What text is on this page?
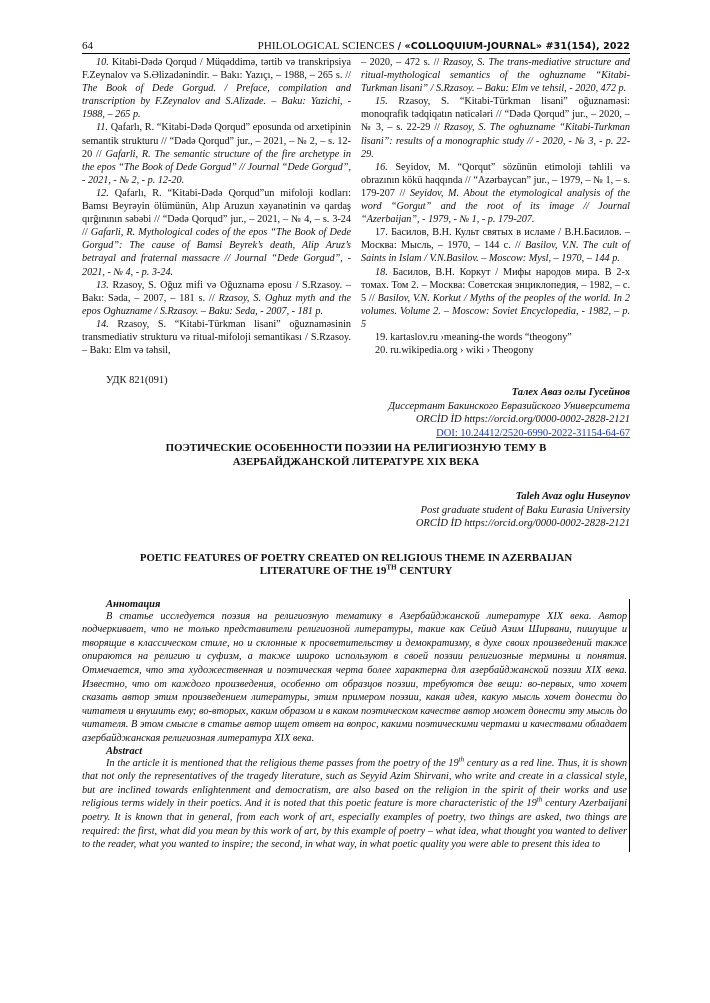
64	PHILOLOGICAL SCIENCES / «COLLOQUIUM-JOURNAL» #31(154), 2022

10. Kitabi-Dədə Qorqud / Müqəddimə, tərtib və transkripsiya F.Zeynalov və S.Əlizadənindir. – Bakı: Yazıçı, – 1988, – 265 s. // The Book of Dede Gorgud. / Preface, compilation and transcription by F.Zeynalov and S.Alizade. – Baku: Yazichi, - 1988, – 265 p.

11. Qafarlı, R. “Kitabi-Dədə Qorqud” eposunda od arxetipinin semantik strukturu // “Dədə Qorqud” jur., – 2021, – № 2, – s. 12-20 // Gafarli, R. The semantic structure of the fire archetype in the epos “The Book of Dede Gorgud” // Journal “Dede Gorgud”, - 2021, - № 2, - p. 12-20.

12. Qafarlı, R. “Kitabi-Dədə Qorqud”un mifoloji kodları: Bamsı Beyrəyin ölümünün, Alıp Aruzun xəyanətinin və qardaş qırğınının səbəbi // “Dədə Qorqud” jur., – 2021, – № 4, – s. 3-24 // Gafarli, R. Mythological codes of the epos “The Book of Dede Gorgud”: The cause of Bamsi Beyrek’s death, Alip Aruz’s betrayal and fraternal massacre // Journal “Dede Gorgud”, - 2021, - № 4, - p. 3-24.

13. Rzasoy, S. Oğuz mifi və Oğuznamə eposu / S.Rzasoy. – Bakı: Səda, – 2007, – 181 s. // Rzasoy, S. Oghuz myth and the epos Oghuzname / S.Rzasoy. – Baku: Seda, - 2007, - 181 p.

14. Rzasoy, S. “Kitabi-Türkman lisani” oğuznaməsinin transmediativ strukturu və ritual-mifoloji semantikası / S.Rzasoy. – Bakı: Elm və təhsil,

– 2020, – 472 s. // Rzasoy, S. The trans-mediative structure and ritual-mythological semantics of the oghuzname “Kitabi-Turkman lisani” / S.Rzasoy. – Baku: Elm ve tehsil, - 2020, 472 p.

15. Rzasoy, S. “Kitabi-Türkman lisani” oğuznaməsi: monoqrafik tədqiqatın nəticələri // “Dədə Qorqud” jur., – 2020, – № 3, – s. 22-29 // Rzasoy, S. The oghuzname “Kitabi-Turkman lisani”: results of a monographic study // - 2020, - № 3, - p. 22-29.

16. Seyidov, M. “Qorqut” sözünün etimoloji təhlili və obrazının kökü haqqında // “Azərbaycan” jur., – 1979, – № 1, – s. 179-207 // Seyidov, M. About the etymological analysis of the word “Gorgut” and the root of its image // Journal “Azerbaijan”, - 1979, - № 1, - p. 179-207.

17. Басилов, В.Н. Культ святых в исламе / В.Н.Басилов. – Москва: Мысль, – 1970, – 144 с. // Basilov, V.N. The cult of Saints in Islam / V.N.Basilov. – Moscow: Mysl, – 1970, – 144 p.

18. Басилов, В.Н. Коркут / Мифы народов мира. В 2-х томах. Том 2. – Москва: Советская энциклопедия, – 1982, – с. 5 // Basilov, V.N. Korkut / Myths of the peoples of the world. In 2 volumes. Volume 2. – Moscow: Soviet Encyclopedia, - 1982, – p. 5

19. kartaslov.ru ›meaning-the words “theogony”

20. ru.wikipedia.org › wiki › Theogony

УДК 821(091)
Талех Аваз оглы Гусейнов
Диссертант Бакинского Евразийского Университета
ORCİD İD https://orcid.org/0000-0002-2828-2121
DOI: 10.24412/2520-6990-2022-31154-64-67
ПОЭТИЧЕСКИЕ ОСОБЕННОСТИ ПОЭЗИИ НА РЕЛИГИОЗНУЮ ТЕМУ В
АЗЕРБАЙДЖАНСКОЙ ЛИТЕРАТУРЕ XIX ВЕКА
Taleh Avaz oglu Huseynov
Post graduate student of Baku Eurasia University
ORCİD İD https://orcid.org/0000-0002-2828-2121
POETIC FEATURES OF POETRY CREATED ON RELIGIOUS THEME IN AZERBAIJAN
LITERATURE OF THE 19TH CENTURY
Аннотация

В статье исследуется поэзия на религиозную тематику в Азербайджанской литературе XIX века. Автор подчеркивает, что не только представители религиозной литературы, такие как Сейид Азим Ширвани, пишущие и творящие в классическом стиле, но и склонные к просветительству и демократизму, в духе своих произведений также опираются на религию и суфизм, а также широко используют в своей поэзии религиозные термины и понятия. Отмечается, что эта художественная и поэтическая черта более характерна для азербайджанской поэзии XIX века. Известно, что от каждого произведения, особенно от образцов поэзии, требуются две вещи: во-первых, что хочет сказать автор этим произведением литературы, этим примером поэзии, какая идея, какую мысль хочет донести до читателя и внушить ему; во-вторых, каким образом и в каком поэтическом качестве автор может донести эту мысль до читателя. В этом смысле в статье автор ищет ответ на вопрос, какими поэтическими чертами и качествами обладает азербайджанская религиозная литература XIX века.

Abstract

In the article it is mentioned that the religious theme passes from the poetry of the 19th century as a red line. Thus, it is shown that not only the representatives of the tragedy literature, such as Seyyid Azim Shirvani, who write and create in a classical style, but are inclined towards enlightenment and democratism, are also based on the religion in the spirit of their works and use religious terms widely in their poetics. And it is noted that this poetic feature is more characteristic of the 19th century Azerbaijani poetry. It is known that in general, from each work of art, especially examples of poetry, two things are asked, two things are required: the first, what did you mean by this work of art, by this example of poetry – what idea, what thought you wanted to deliver to the reader, what you wanted to inspire; the second, in what way, in what poetic quality you were able to present this idea to
